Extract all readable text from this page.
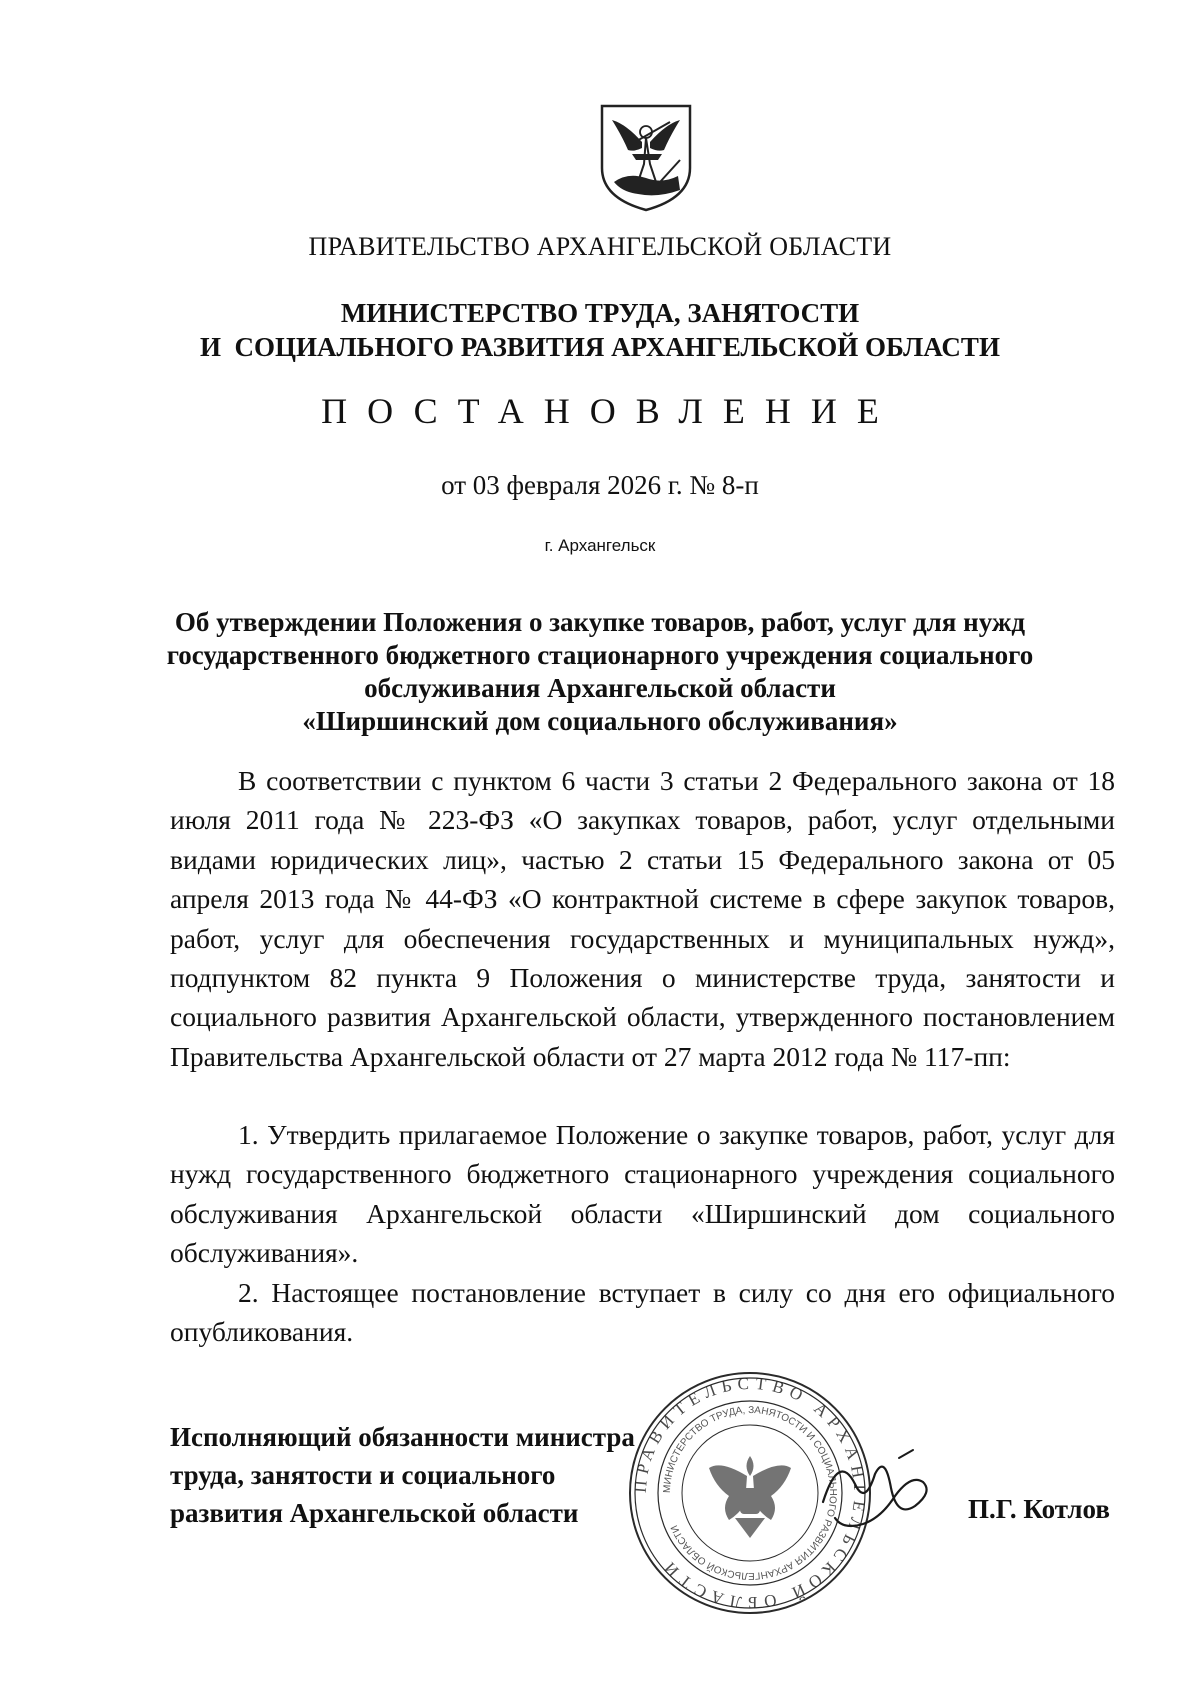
ПРАВИТЕЛЬСТВО АРХАНГЕЛЬСКОЙ ОБЛАСТИ
МИНИСТЕРСТВО ТРУДА, ЗАНЯТОСТИ
И  СОЦИАЛЬНОГО РАЗВИТИЯ АРХАНГЕЛЬСКОЙ ОБЛАСТИ
ПОСТАНОВЛЕНИЕ
от 03 февраля 2026 г. № 8-п
г. Архангельск
Об утверждении Положения о закупке товаров, работ, услуг для нужд
государственного бюджетного стационарного учреждения социального
обслуживания Архангельской области
«Ширшинский дом социального обслуживания»
В соответствии с пунктом 6 части 3 статьи 2 Федерального закона от 18 июля 2011 года № 223-ФЗ «О закупках товаров, работ, услуг отдельными видами юридических лиц», частью 2 статьи 15 Федерального закона от 05 апреля 2013 года № 44-ФЗ «О контрактной системе в сфере закупок товаров, работ, услуг для обеспечения государственных и муниципальных нужд», подпунктом 82 пункта 9 Положения о министерстве труда, занятости и социального развития Архангельской области, утвержденного постановлением Правительства Архангельской области от 27 марта 2012 года № 117-пп:
1. Утвердить прилагаемое Положение о закупке товаров, работ, услуг для нужд государственного бюджетного стационарного учреждения социального обслуживания Архангельской области «Ширшинский дом социального обслуживания».
2. Настоящее постановление вступает в силу со дня его официального опубликования.
ПРАВИТЕЛЬСТВО АРХАНГЕЛЬСКОЙ ОБЛАСТИ
МИНИСТЕРСТВО ТРУДА, ЗАНЯТОСТИ И СОЦИАЛЬНОГО РАЗВИТИЯ АРХАНГЕЛЬСКОЙ ОБЛАСТИ
Исполняющий обязанности министра
труда, занятости и социального
развития Архангельской области	П.Г. Котлов
